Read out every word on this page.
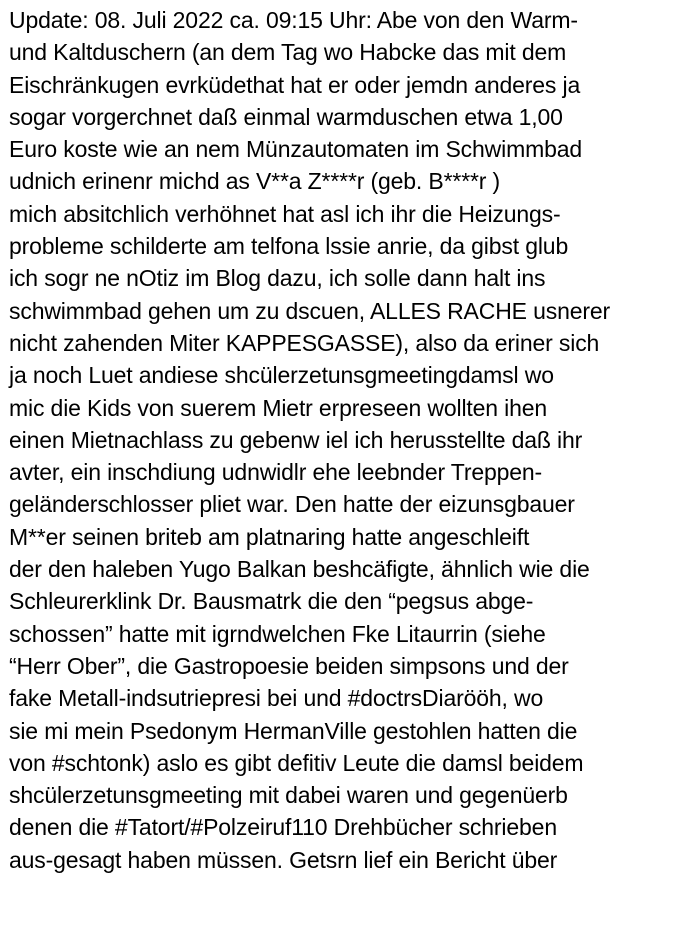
Update: 08. Juli 2022 ca. 09:15 Uhr: Abe von den Warm-
und Kaltduschern (an dem Tag wo Habcke das mit dem
Eischränkugen evrküdethat hat er oder jemdn anderes ja
sogar vorgerchnet daß einmal warmduschen etwa 1,00
Euro koste wie an nem Münzautomaten im Schwimmbad
udnich erinenr michd as V**a Z****r (geb. B****r )
mich absitchlich verhöhnet hat asl ich ihr die Heizungs-
probleme schilderte am telfona lssie anrie, da gibst glub
ich sogr ne nOtiz im Blog dazu, ich solle dann halt ins
schwimmbad gehen um zu dscuen, ALLES RACHE usnerer
nicht zahenden Miter KAPPESGASSE), also da eriner sich
ja noch Luet andiese shcülerzetunsgmeetingdamsl wo
mic die Kids von suerem Mietr erpreseen wollten ihen
einen Mietnachlass zu gebenw iel ich herusstellte daß ihr
avter, ein inschdiung udnwidlr ehe leebnder Treppen-
geländerschlosser pliet war. Den hatte der eizunsgbauer
M**er seinen briteb am platnaring hatte angeschleift
der den haleben Yugo Balkan beshcäfigte, ähnlich wie die
Schleurerklink Dr. Bausmatrk die den “pegsus abge-
schossen” hatte mit igrndwelchen Fke Litaurrin (siehe
“Herr Ober”, die Gastropoesie beiden simpsons und der
fake Metall-indsutriepresi bei und #doctrsDiarööh, wo
sie mi mein Psedonym HermanVille gestohlen hatten die
von #schtonk) aslo es gibt defitiv Leute die damsl beidem
shcülerzetunsgmeeting mit dabei waren und gegenüerb
denen die #Tatort/#Polzeiruf110 Drehbücher schrieben
aus-gesagt haben müssen. Getsrn lief ein Bericht über
